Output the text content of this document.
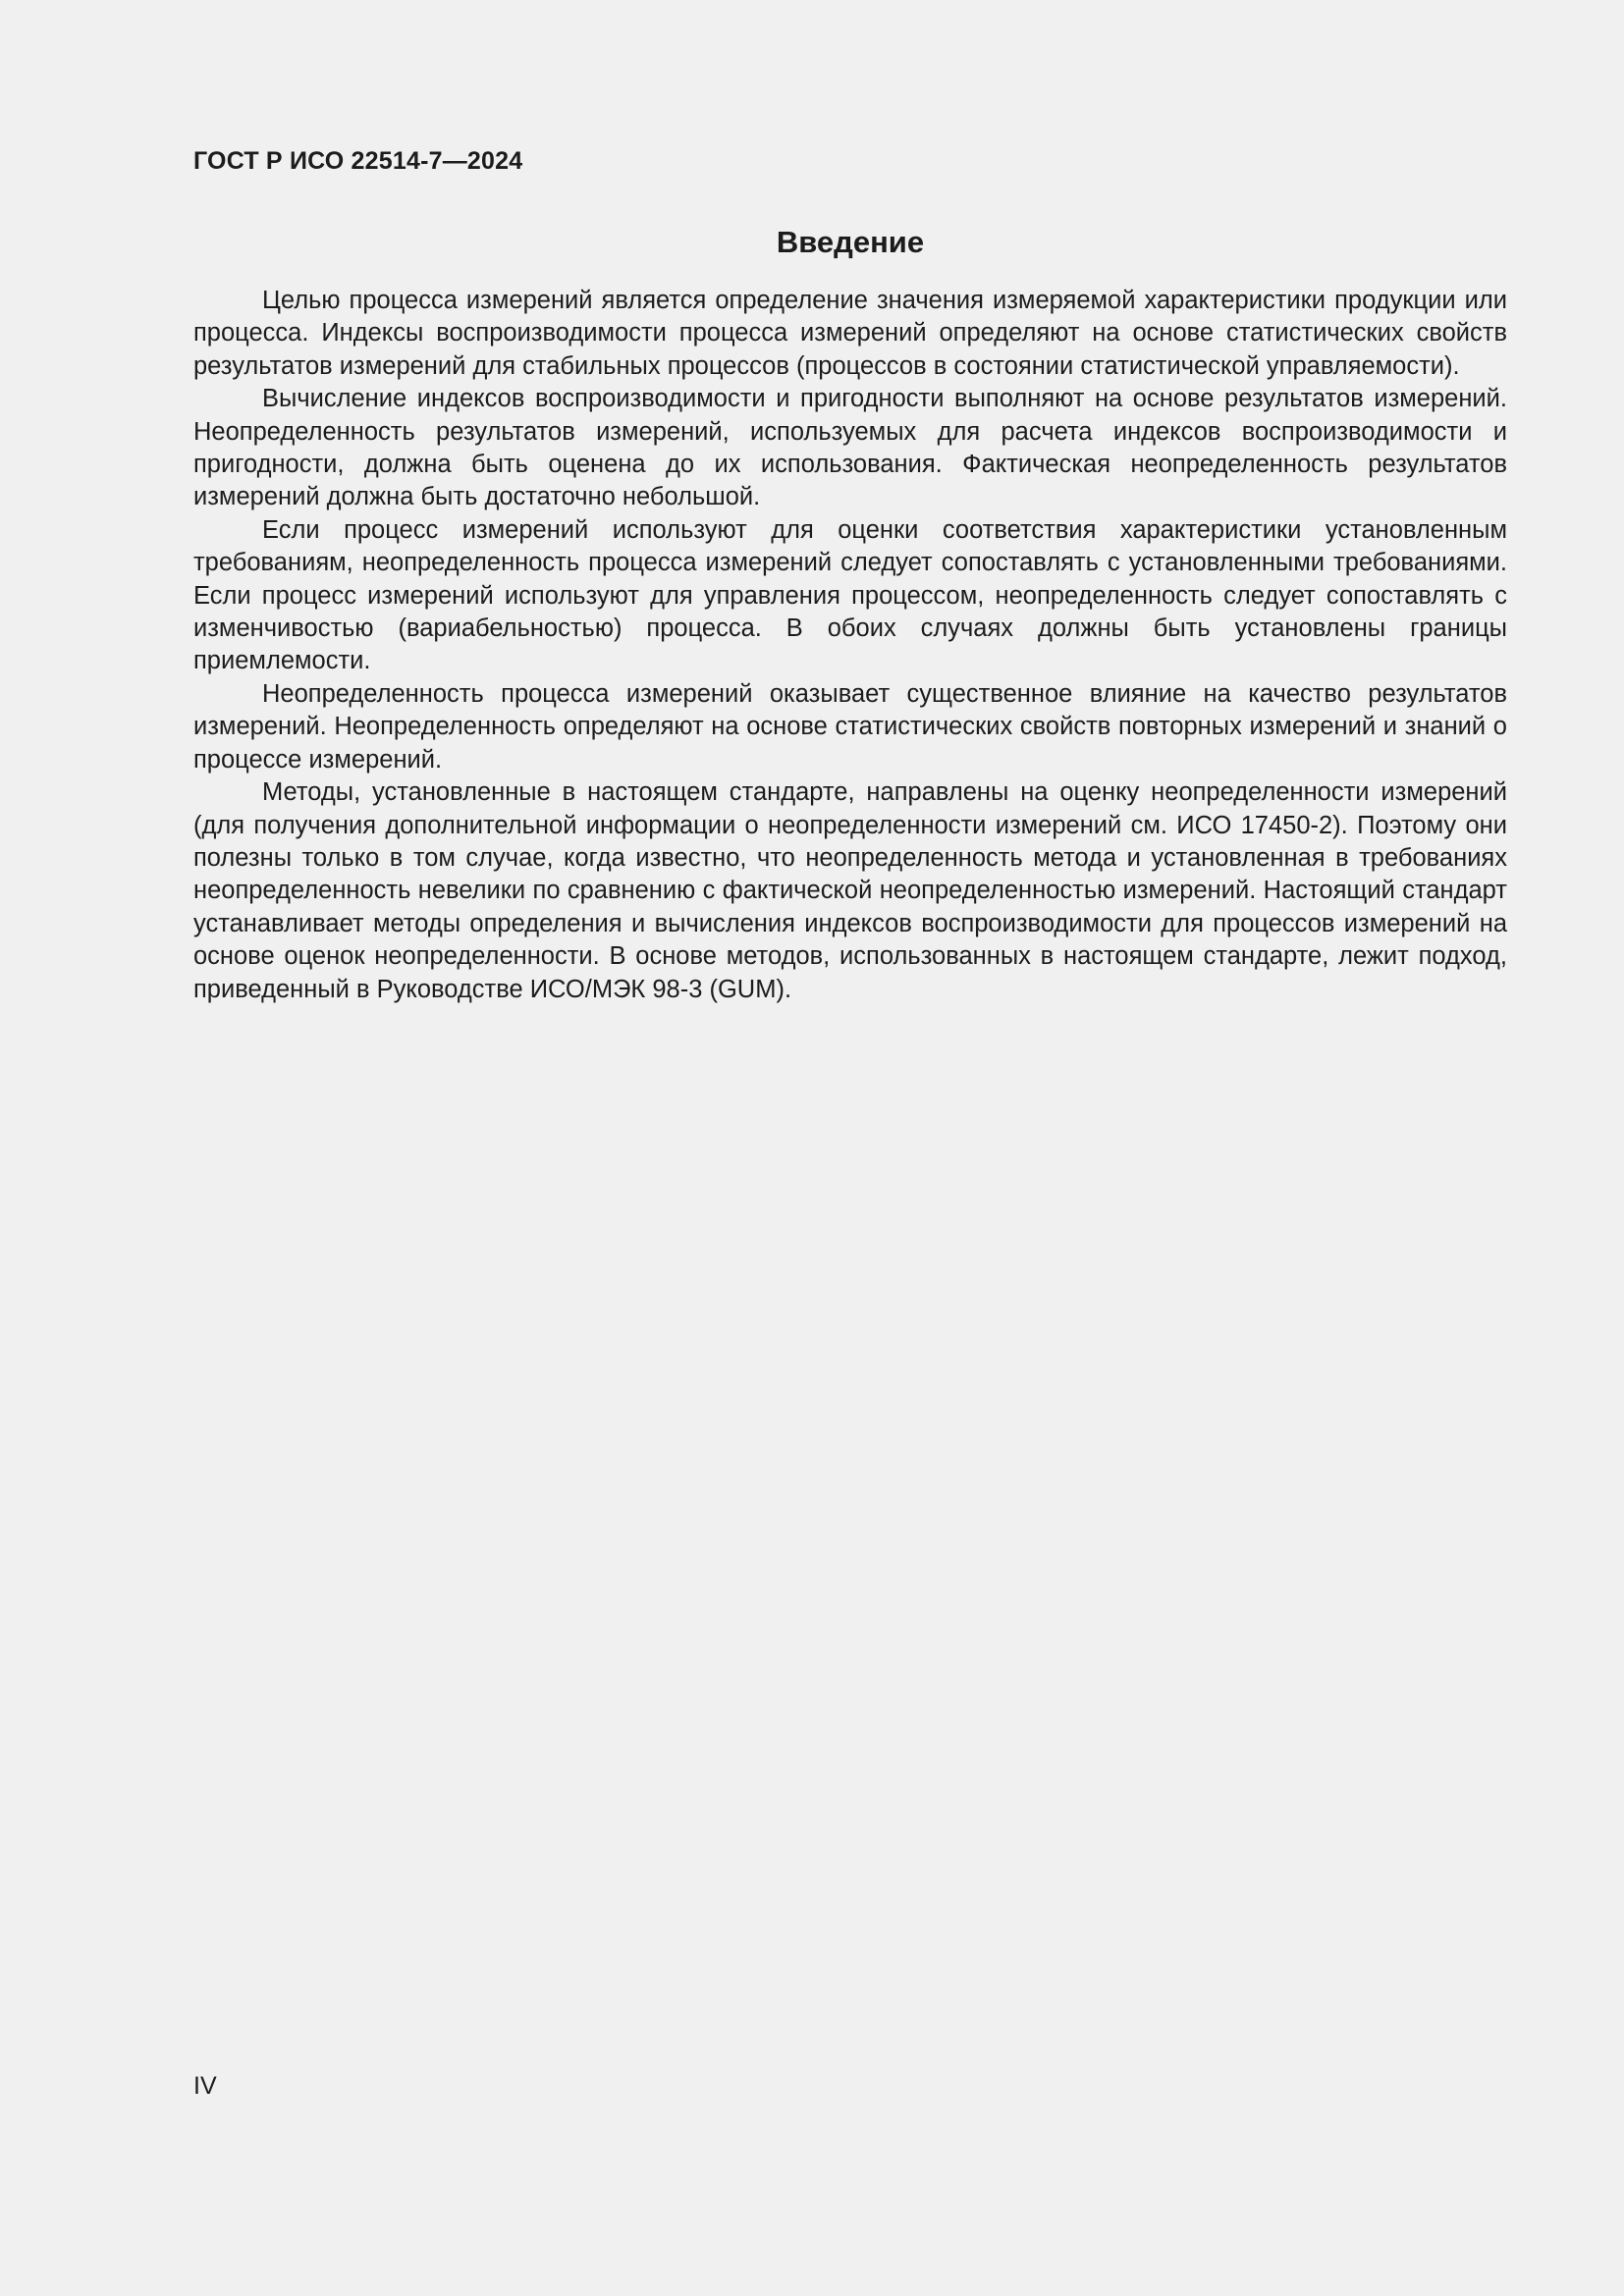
ГОСТ Р ИСО 22514-7—2024
Введение

Целью процесса измерений является определение значения измеряемой характеристики продукции или процесса. Индексы воспроизводимости процесса измерений определяют на основе статистических свойств результатов измерений для стабильных процессов (процессов в состоянии статистической управляемости).

Вычисление индексов воспроизводимости и пригодности выполняют на основе результатов измерений. Неопределенность результатов измерений, используемых для расчета индексов воспроизводимости и пригодности, должна быть оценена до их использования. Фактическая неопределенность результатов измерений должна быть достаточно небольшой.

Если процесс измерений используют для оценки соответствия характеристики установленным требованиям, неопределенность процесса измерений следует сопоставлять с установленными требованиями. Если процесс измерений используют для управления процессом, неопределенность следует сопоставлять с изменчивостью (вариабельностью) процесса. В обоих случаях должны быть установлены границы приемлемости.

Неопределенность процесса измерений оказывает существенное влияние на качество результатов измерений. Неопределенность определяют на основе статистических свойств повторных измерений и знаний о процессе измерений.

Методы, установленные в настоящем стандарте, направлены на оценку неопределенности измерений (для получения дополнительной информации о неопределенности измерений см. ИСО 17450-2). Поэтому они полезны только в том случае, когда известно, что неопределенность метода и установленная в требованиях неопределенность невелики по сравнению с фактической неопределенностью измерений. Настоящий стандарт устанавливает методы определения и вычисления индексов воспроизводимости для процессов измерений на основе оценок неопределенности. В основе методов, использованных в настоящем стандарте, лежит подход, приведенный в Руководстве ИСО/МЭК 98-3 (GUM).

IV
